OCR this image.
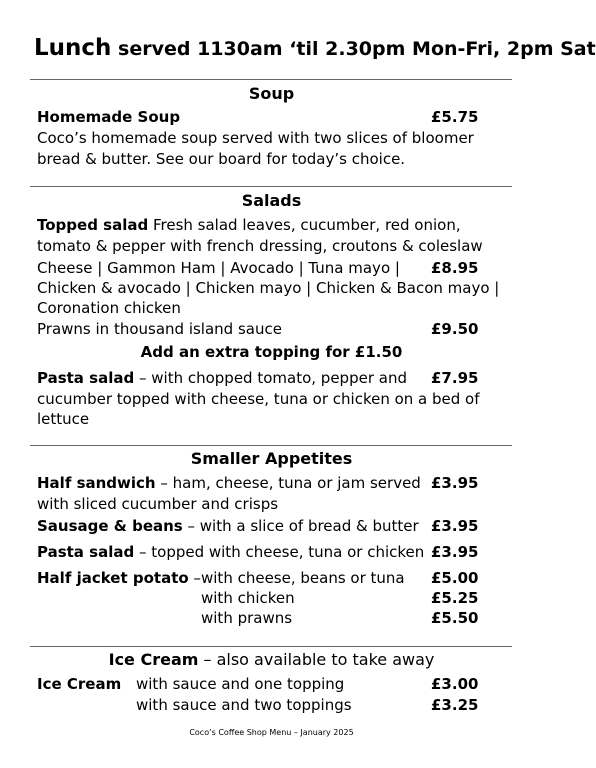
Lunch served 1130am ‘til 2.30pm Mon-Fri, 2pm Sat
Soup
Homemade Soup	£5.75
Coco’s homemade soup served with two slices of bloomer
bread & butter. See our board for today’s choice.
Salads
Topped salad Fresh salad leaves, cucumber, red onion,
tomato & pepper with french dressing, croutons & coleslaw
Cheese | Gammon Ham | Avocado | Tuna mayo | £8.95
Chicken & avocado | Chicken mayo | Chicken & Bacon mayo |
Coronation chicken
Prawns in thousand island sauce	£9.50
Add an extra topping for £1.50
Pasta salad – with chopped tomato, pepper and £7.95
cucumber topped with cheese, tuna or chicken on a bed of
lettuce
Smaller Appetites
Half sandwich – ham, cheese, tuna or jam served £3.95
with sliced cucumber and crisps
Sausage & beans – with a slice of bread & butter £3.95
Pasta salad – topped with cheese, tuna or chicken £3.95
Half jacket potato – with cheese, beans or tuna £5.00
with chicken	£5.25
with prawns	£5.50
Ice Cream – also available to take away
Ice Cream with sauce and one topping	£3.00
with sauce and two toppings	£3.25
Coco’s Coffee Shop Menu – January 2025
